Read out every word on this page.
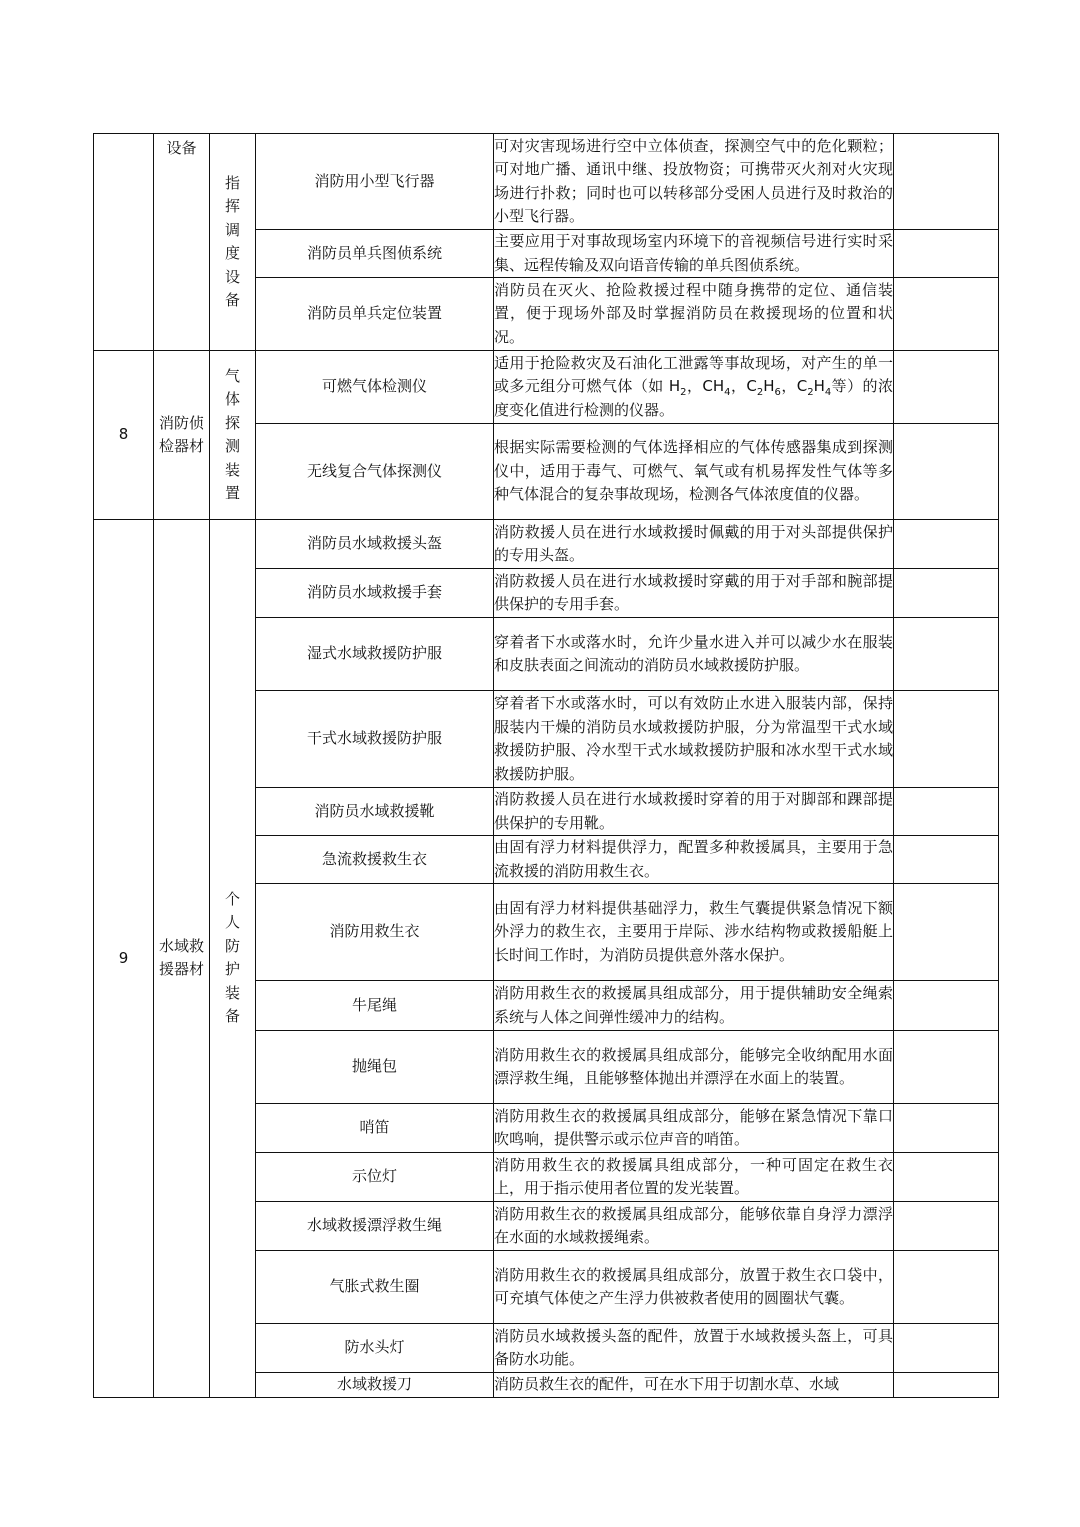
	设备	指挥调度设备	消防用小型飞行器	可对灾害现场进行空中立体侦查，探测空气中的危化颗粒；可对地广播、通讯中继、投放物资；可携带灭火剂对火灾现场进行扑救；同时也可以转移部分受困人员进行及时救治的小型飞行器。	
			消防员单兵图侦系统	主要应用于对事故现场室内环境下的音视频信号进行实时采集、远程传输及双向语音传输的单兵图侦系统。	
			消防员单兵定位装置	消防员在灭火、抢险救援过程中随身携带的定位、通信装置，便于现场外部及时掌握消防员在救援现场的位置和状况。	
8	消防侦检器材	气体探测装置	可燃气体检测仪	适用于抢险救灾及石油化工泄露等事故现场，对产生的单一或多元组分可燃气体（如 $H_2$，$CH_4$，$C_2H_6$，$C_2H_4$等）的浓度变化值进行检测的仪器。	
			无线复合气体探测仪	根据实际需要检测的气体选择相应的气体传感器集成到探测仪中，适用于毒气、可燃气、氧气或有机易挥发性气体等多种气体混合的复杂事故现场，检测各气体浓度值的仪器。	
9	水域救援器材	个人防护装备	消防员水域救援头盔	消防救援人员在进行水域救援时佩戴的用于对头部提供保护的专用头盔。	
			消防员水域救援手套	消防救援人员在进行水域救援时穿戴的用于对手部和腕部提供保护的专用手套。	
			湿式水域救援防护服	穿着者下水或落水时，允许少量水进入并可以减少水在服装和皮肤表面之间流动的消防员水域救援防护服。	
			干式水域救援防护服	穿着者下水或落水时，可以有效防止水进入服装内部，保持服装内干燥的消防员水域救援防护服，分为常温型干式水域救援防护服、冷水型干式水域救援防护服和冰水型干式水域救援防护服。	
			消防员水域救援靴	消防救援人员在进行水域救援时穿着的用于对脚部和踝部提供保护的专用靴。	
			急流救援救生衣	由固有浮力材料提供浮力，配置多种救援属具，主要用于急流救援的消防用救生衣。	
			消防用救生衣	由固有浮力材料提供基础浮力，救生气囊提供紧急情况下额外浮力的救生衣，主要用于岸际、涉水结构物或救援船艇上长时间工作时，为消防员提供意外落水保护。	
			牛尾绳	消防用救生衣的救援属具组成部分，用于提供辅助安全绳索系统与人体之间弹性缓冲力的结构。	
			抛绳包	消防用救生衣的救援属具组成部分，能够完全收纳配用水面漂浮救生绳，且能够整体抛出并漂浮在水面上的装置。	
			哨笛	消防用救生衣的救援属具组成部分，能够在紧急情况下靠口吹鸣响，提供警示或示位声音的哨笛。	
			示位灯	消防用救生衣的救援属具组成部分，一种可固定在救生衣上，用于指示使用者位置的发光装置。	
			水域救援漂浮救生绳	消防用救生衣的救援属具组成部分，能够依靠自身浮力漂浮在水面的水域救援绳索。	
			气胀式救生圈	消防用救生衣的救援属具组成部分，放置于救生衣口袋中，可充填气体使之产生浮力供被救者使用的圆圈状气囊。	
			防水头灯	消防员水域救援头盔的配件，放置于水域救援头盔上，可具备防水功能。	
			水域救援刀	消防员救生衣的配件，可在水下用于切割水草、水域	
